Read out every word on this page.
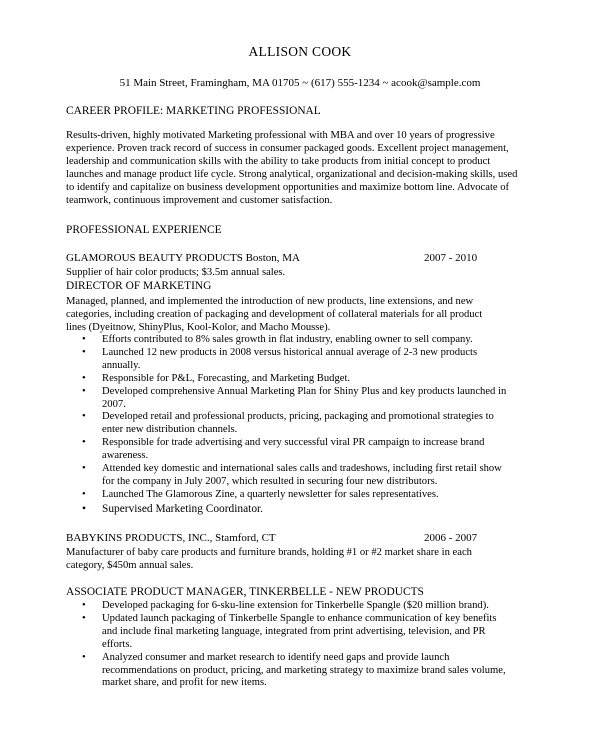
ALLISON COOK
51 Main Street, Framingham, MA 01705 ~ (617) 555-1234 ~ acook@sample.com
CAREER PROFILE: MARKETING PROFESSIONAL
Results-driven, highly motivated Marketing professional with MBA and over 10 years of progressive experience. Proven track record of success in consumer packaged goods. Excellent project management, leadership and communication skills with the ability to take products from initial concept to product launches and manage product life cycle. Strong analytical, organizational and decision-making skills, used to identify and capitalize on business development opportunities and maximize bottom line. Advocate of teamwork, continuous improvement and customer satisfaction.
PROFESSIONAL EXPERIENCE
GLAMOROUS BEAUTY PRODUCTS Boston, MA	2007 - 2010
Supplier of hair color products; $3.5m annual sales.
DIRECTOR OF MARKETING
Managed, planned, and implemented the introduction of new products, line extensions, and new categories, including creation of packaging and development of collateral materials for all product lines (Dyeitnow, ShinyPlus, Kool-Kolor, and Macho Mousse).
• Efforts contributed to 8% sales growth in flat industry, enabling owner to sell company.
• Launched 12 new products in 2008 versus historical annual average of 2-3 new products annually.
• Responsible for P&L, Forecasting, and Marketing Budget.
• Developed comprehensive Annual Marketing Plan for Shiny Plus and key products launched in 2007.
• Developed retail and professional products, pricing, packaging and promotional strategies to enter new distribution channels.
• Responsible for trade advertising and very successful viral PR campaign to increase brand awareness.
• Attended key domestic and international sales calls and tradeshows, including first retail show for the company in July 2007, which resulted in securing four new distributors.
• Launched The Glamorous Zine, a quarterly newsletter for sales representatives.
• Supervised Marketing Coordinator.
BABYKINS PRODUCTS, INC., Stamford, CT	2006 - 2007
Manufacturer of baby care products and furniture brands, holding #1 or #2 market share in each category, $450m annual sales.
ASSOCIATE PRODUCT MANAGER, TINKERBELLE - NEW PRODUCTS
• Developed packaging for 6-sku-line extension for Tinkerbelle Spangle ($20 million brand).
• Updated launch packaging of Tinkerbelle Spangle to enhance communication of key benefits and include final marketing language, integrated from print advertising, television, and PR efforts.
• Analyzed consumer and market research to identify need gaps and provide launch recommendations on product, pricing, and marketing strategy to maximize brand sales volume, market share, and profit for new items.
